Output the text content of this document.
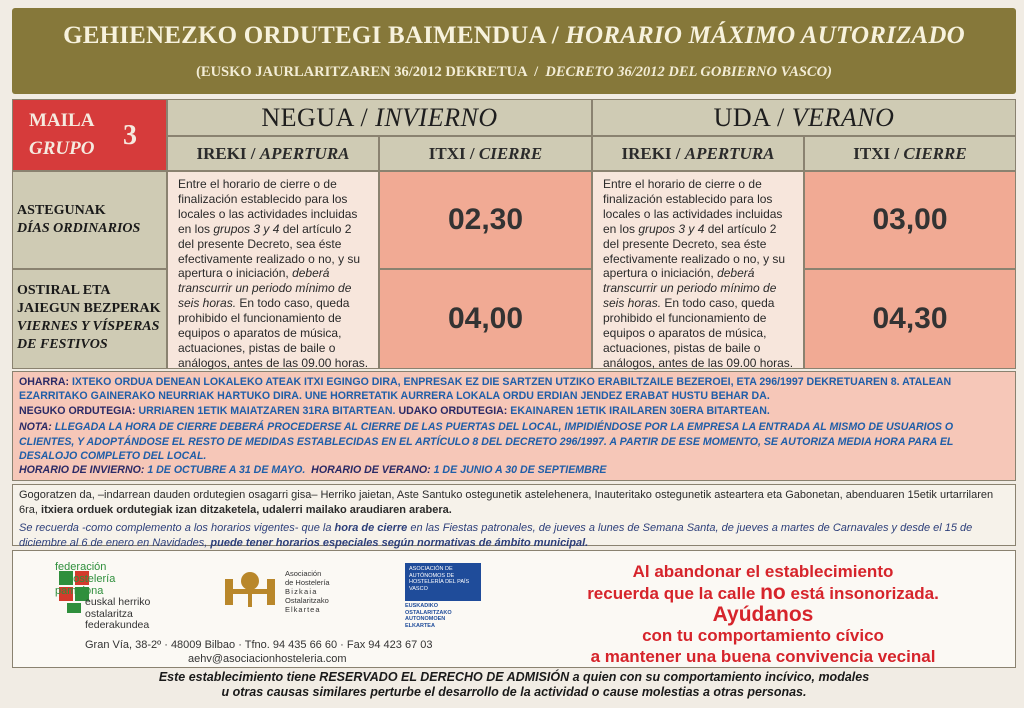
GEHIENEZKO ORDUTEGI BAIMENDUA / HORARIO MÁXIMO AUTORIZADO
(EUSKO JAURLARITZAREN 36/2012 DEKRETUA / DECRETO 36/2012 DEL GOBIERNO VASCO)
MAILA
GRUPO 3
NEGUA /
INVIERNO
IREKI /
APERTURA	ITXI /
CIERRE
UDA /
VERANO
IREKI /
APERTURA	ITXI /
CIERRE
ASTEGUNAK
DÍAS ORDINARIOS
OSTIRAL ETA
JAIEGUN BEZPERAK
VIERNES Y VÍSPERAS
DE FESTIVOS
Entre el horario de cierre o de finalización establecido para los locales o las actividades incluidas en los grupos 3 y 4 del artículo 2 del presente Decreto, sea éste efectivamente realizado o no, y su apertura o iniciación, deberá transcurrir un periodo mínimo de seis horas. En todo caso, queda prohibido el funcionamiento de equipos o aparatos de música, actuaciones, pistas de baile o análogos, antes de las 09.00 horas.
02,30
04,00
Entre el horario de cierre o de finalización establecido para los locales o las actividades incluidas en los grupos 3 y 4 del artículo 2 del presente Decreto, sea éste efectivamente realizado o no, y su apertura o iniciación, deberá transcurrir un periodo mínimo de seis horas. En todo caso, queda prohibido el funcionamiento de equipos o aparatos de música, actuaciones, pistas de baile o análogos, antes de las 09.00 horas.
03,00
04,30
OHARRA: IXTEKO ORDUA DENEAN LOKALEKO ATEAK ITXI EGINGO DIRA, ENPRESAK EZ DIE SARTZEN UTZIKO ERABILTZAILE BEZEROEI, ETA 296/1997 DEKRETUAREN 8. ATALEAN EZARRITAKO GAINERAKO NEURRIAK HARTUKO DIRA. UNE HORRETATIK AURRERA LOKALA ORDU ERDIAN JENDEZ ERABAT HUSTU BEHAR DA.
NEGUKO ORDUTEGIA: URRIAREN 1ETIK MAIATZAREN 31RA BITARTEAN. UDAKO ORDUTEGIA: EKAINAREN 1ETIK IRAILAREN 30ERA BITARTEAN.
NOTA: LLEGADA LA HORA DE CIERRE DEBERÁ PROCEDERSE AL CIERRE DE LAS PUERTAS DEL LOCAL, IMPIDIÉNDOSE POR LA EMPRESA LA ENTRADA AL MISMO DE USUARIOS O CLIENTES, Y ADOPTÁNDOSE EL RESTO DE MEDIDAS ESTABLECIDAS EN EL ARTÍCULO 8 DEL DECRETO 296/1997. A PARTIR DE ESE MOMENTO, SE AUTORIZA MEDIA HORA PARA EL DESALOJO COMPLETO DEL LOCAL.
HORARIO DE INVIERNO: 1 DE OCTUBRE A 31 DE MAYO. HORARIO DE VERANO: 1 DE JUNIO A 30 DE SEPTIEMBRE
Gogoratzen da, –indarrean dauden ordutegien osagarri gisa– Herriko jaietan, Aste Santuko ostegunetik astelehenera, Inauteritako ostegunetik asteartera eta Gabonetan, abenduaren 15etik urtarrilaren 6ra, itxiera orduek ordutegiak izan ditzaketela, udalerri mailako araudiaren arabera.
Se recuerda -como complemento a los horarios vigentes- que la hora de cierre en las Fiestas patronales, de jueves a lunes de Semana Santa, de jueves a martes de Carnavales y desde el 15 de diciembre al 6 de enero en Navidades, puede tener horarios especiales según normativas de ámbito municipal.
federación
hostelería
pamplona
euskal herriko
ostalaritza
federakundea
Asociación
de Hostelería
Bizkaia
Ostalaritzako
Elkartea
ASOCIACIÓN DE
AUTÓNOMOS DE
HOSTELERÍA DEL PAÍS
VASCO
EUSKADIKO
OSTALARITZAKO
AUTONOMOEN
ELKARTEA
Gran Vía, 38-2º · 48009 Bilbao · Tfno. 94 435 66 60 · Fax 94 423 67 03
aehv@asociacionhosteleria.com
Al abandonar el establecimiento
recuerda que la calle no está insonorizada.
Ayúdanos
con tu comportamiento cívico
a mantener una buena convivencia vecinal
Este establecimiento tiene RESERVADO EL DERECHO DE ADMISIÓN a quien con su comportamiento incívico, modales
u otras causas similares perturbe el desarrollo de la actividad o cause molestias a otras personas.
